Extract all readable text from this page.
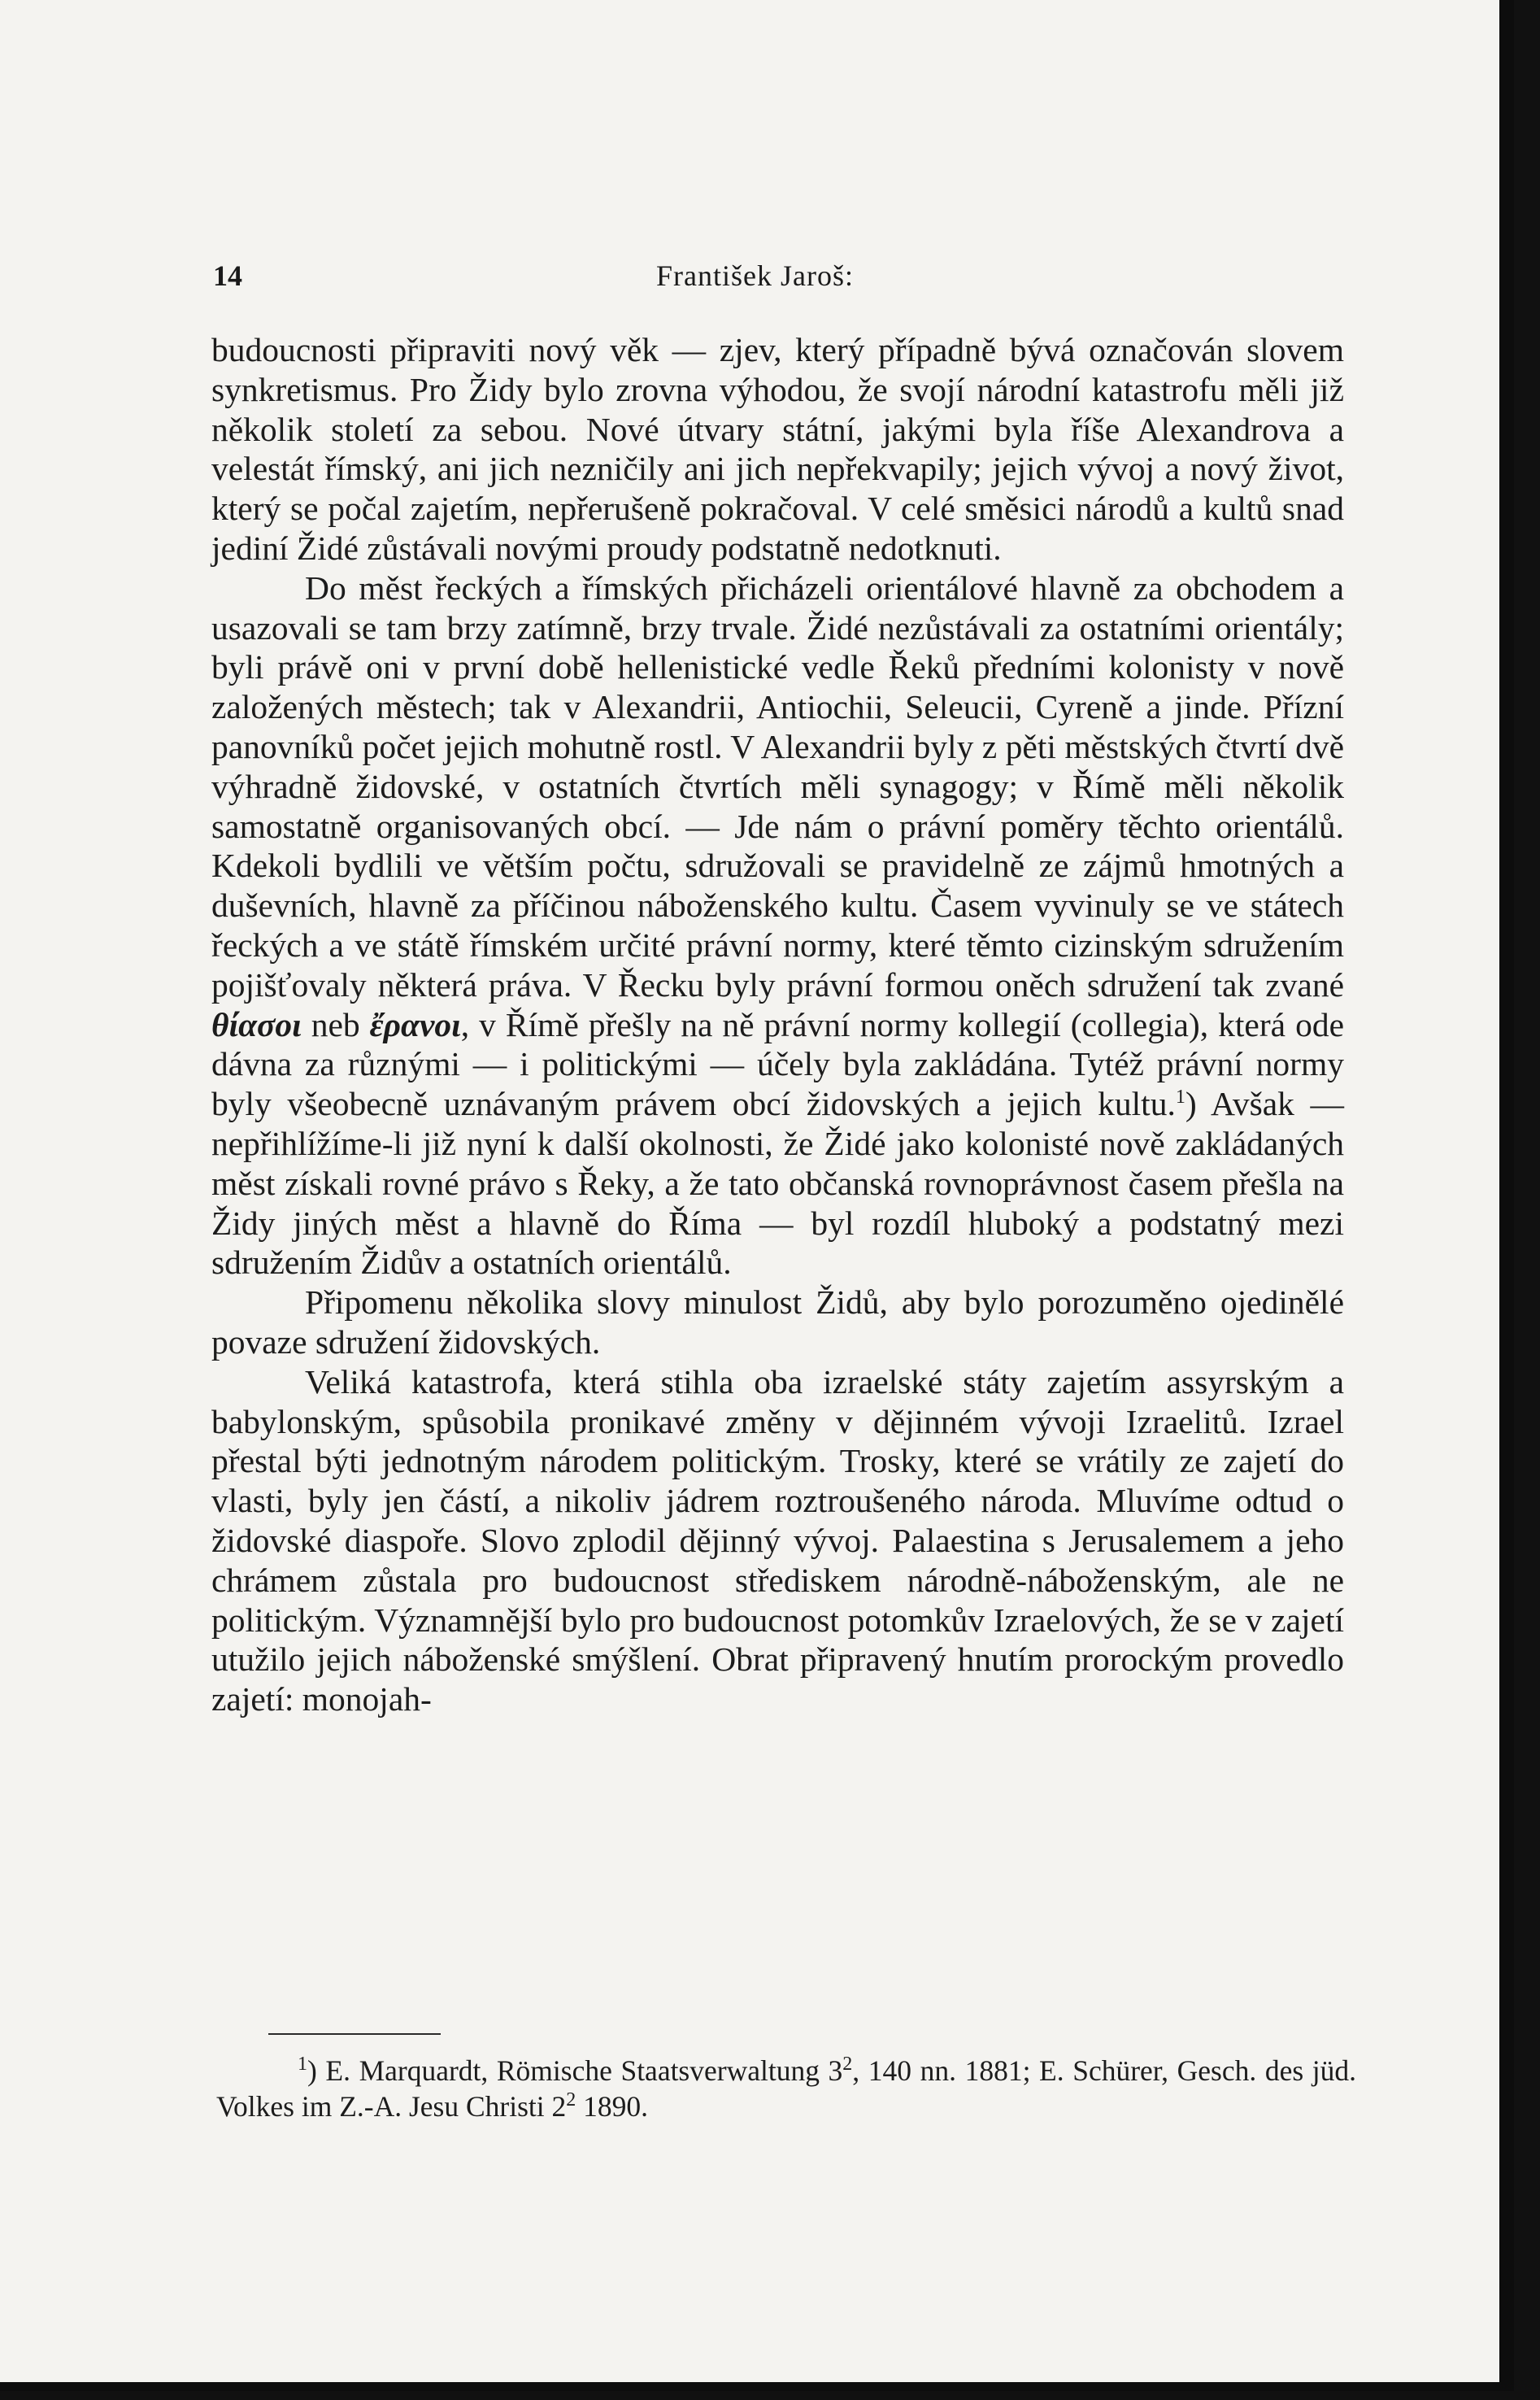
14	František Jaroš:

budoucnosti připraviti nový věk — zjev, který případně bývá označován slovem synkretismus. Pro Židy bylo zrovna výhodou, že svojí národní katastrofu měli již několik století za sebou. Nové útvary státní, jakými byla říše Alexandrova a velestát římský, ani jich nezničily ani jich nepřekvapily; jejich vývoj a nový život, který se počal zajetím, nepřerušeně pokračoval. V celé směsici národů a kultů snad jediní Židé zůstávali novými proudy podstatně nedotknuti.

Do měst řeckých a římských přicházeli orientálové hlavně za obchodem a usazovali se tam brzy zatímně, brzy trvale. Židé nezůstávali za ostatními orientály; byli právě oni v první době hellenistické vedle Řeků předními kolonisty v nově založených městech; tak v Alexandrii, Antiochii, Seleucii, Cyreně a jinde. Přízní panovníků počet jejich mohutně rostl. V Alexandrii byly z pěti městských čtvrtí dvě výhradně židovské, v ostatních čtvrtích měli synagogy; v Římě měli několik samostatně organisovaných obcí. — Jde nám o právní poměry těchto orientálů. Kdekoli bydlili ve větším počtu, sdružovali se pravidelně ze zájmů hmotných a duševních, hlavně za příčinou náboženského kultu. Časem vyvinuly se ve státech řeckých a ve státě římském určité právní normy, které těmto cizinským sdružením pojišťovaly některá práva. V Řecku byly právní formou oněch sdružení tak zvané θίασοι neb ἔρανοι, v Římě přešly na ně právní normy kollegií (collegia), která ode dávna za různými — i politickými — účely byla zakládána. Tytéž právní normy byly všeobecně uznávaným právem obcí židovských a jejich kultu.$^1$) Avšak — nepřihlížíme-li již nyní k další okolnosti, že Židé jako kolonisté nově zakládaných měst získali rovné právo s Řeky, a že tato občanská rovnoprávnost časem přešla na Židy jiných měst a hlavně do Říma — byl rozdíl hluboký a podstatný mezi sdružením Židův a ostatních orientálů.

Připomenu několika slovy minulost Židů, aby bylo porozuměno ojedinělé povaze sdružení židovských.

Veliká katastrofa, která stihla oba izraelské státy zajetím assyrským a babylonským, spůsobila pronikavé změny v dějinném vývoji Izraelitů. Izrael přestal býti jednotným národem politickým. Trosky, které se vrátily ze zajetí do vlasti, byly jen částí, a nikoliv jádrem roztroušeného národa. Mluvíme odtud o židovské diaspoře. Slovo zplodil dějinný vývoj. Palaestina s Jerusalemem a jeho chrámem zůstala pro budoucnost střediskem národně-náboženským, ale ne politickým. Významnější bylo pro budoucnost potomkův Izraelových, že se v zajetí utužilo jejich náboženské smýšlení. Obrat připravený hnutím prorockým provedlo zajetí: monojah-

$^1$) E. Marquardt, Römische Staatsverwaltung $3^2$, 140 nn. 1881; E. Schürer, Gesch. des jüd. Volkes im Z.-A. Jesu Christi $2^2$ 1890.
